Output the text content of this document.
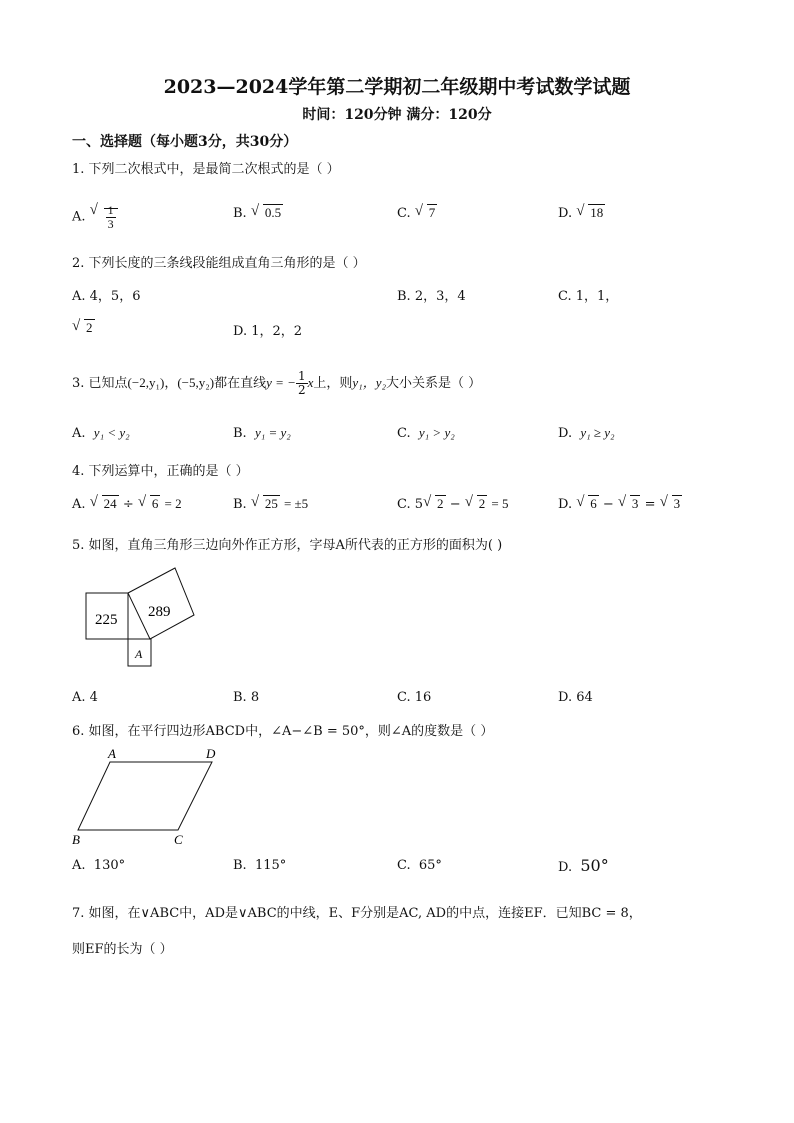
2023—2024学年第二学期初二年级期中考试数学试题
时间：120分钟 满分：120分
一、选择题（每小题3分，共30分）
1. 下列二次根式中，是最简二次根式的是（ ）
A. √ $\frac{1}{3}$	B. √ 0.5	C. √ 7	D. √ 18
2. 下列长度的三条线段能组成直角三角形的是（ ）
A. 4，5，6	B. 2，3，4	C. 1，1，
√ 2	D. 1，2，2
3. 已知点(−2,y₁)，(−5,y₂)都在直线y = − $\frac{1}{2}$ x上，则y₁，y₂大小关系是（ ）
A. y₁ < y₂	B. y₁ = y₂	C. y₁ > y₂	D. y₁ ≥ y₂
4. 下列运算中，正确的是（ ）
A. √ 24 ÷ √ 6 = 2	B. √ 25 = ±5	C. 5 √ 2 − √ 2 = 5	D. √ 6 − √ 3 = √ 3
5. 如图，直角三角形三边向外作正方形，字母A所代表的正方形的面积为( )
225 289
A
A. 4	B. 8	C. 16	D. 64
6. 如图，在平行四边形ABCD中，∠A−∠B = 50°，则∠A的度数是（ ）
A	D
B	C
A. 130°	B. 115°	C. 65°	D. 50°
7. 如图，在∨ABC中，AD是∨ABC的中线，E、F分别是AC, AD的中点，连接EF．已知BC = 8，
则EF的长为（ ）
